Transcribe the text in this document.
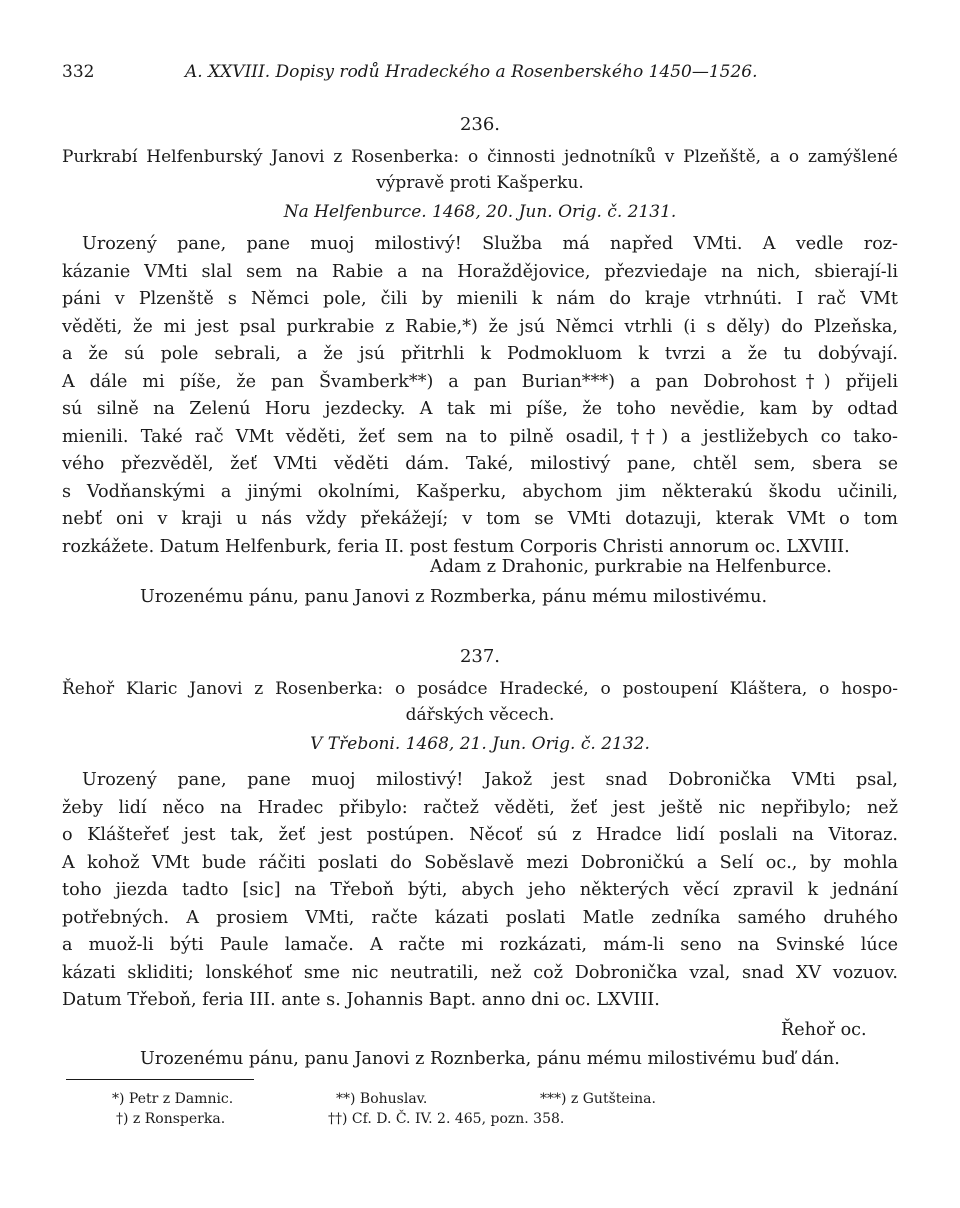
332	A. XXVIII. Dopisy rodů Hradeckého a Rosenberského 1450—1526.
236.
Purkrabí Helfenburský Janovi z Rosenberka: o činnosti jednotníků v Plzeňště, a o zamýšlené
výpravě proti Kašperku.
Na Helfenburce. 1468, 20. Jun. Orig. č. 2131.
Urozený pane, pane muoj milostivý! Služba má napřed VMti. A vedle roz-
kázanie VMti slal sem na Rabie a na Horaždějovice, přezviedaje na nich, sbierají-li
páni v Plzenště s Němci pole, čili by mienili k nám do kraje vtrhnúti. I rač VMt
věděti, že mi jest psal purkrabie z Rabie,*) že jsú Němci vtrhli (i s děly) do Plzeňska,
a že sú pole sebrali, a že jsú přitrhli k Podmokluom k tvrzi a že tu dobývají.
A dále mi píše, že pan Švamberk**) a pan Burian***) a pan Dobrohost†) přijeli
sú silně na Zelenú Horu jezdecky. A tak mi píše, že toho nevědie, kam by odtad
mienili. Také rač VMt věděti, žeť sem na to pilně osadil,††) a jestližebych co tako-
vého přezvěděl, žeť VMti věděti dám. Také, milostivý pane, chtěl sem, sbera se
s Vodňanskými a jinými okolními, Kašperku, abychom jim některakú škodu učinili,
nebť oni v kraji u nás vždy překážejí; v tom se VMti dotazuji, kterak VMt o tom
rozkážete. Datum Helfenburk, feria II. post festum Corporis Christi annorum oc. LXVIII.
Adam z Drahonic, purkrabie na Helfenburce.
Urozenému pánu, panu Janovi z Rozmberka, pánu mému milostivému.
237.
Řehoř Klaric Janovi z Rosenberka: o posádce Hradecké, o postoupení Kláštera, o hospo-
dářských věcech.
V Třeboni. 1468, 21. Jun. Orig. č. 2132.
Urozený pane, pane muoj milostivý! Jakož jest snad Dobronička VMti psal,
žeby lidí něco na Hradec přibylo: račtež věděti, žeť jest ještě nic nepřibylo; než
o Klášteřeť jest tak, žeť jest postúpen. Něcoť sú z Hradce lidí poslali na Vitoraz.
A kohož VMt bude ráčiti poslati do Soběslavě mezi Dobroničkú a Selí oc., by mohla
toho jiezda tadto [sic] na Třeboň býti, abych jeho některých věcí zpravil k jednání
potřebných. A prosiem VMti, račte kázati poslati Matle zedníka samého druhého
a muož-li býti Paule lamače. A račte mi rozkázati, mám-li seno na Svinské lúce
kázati skliditi; lonskéhoť sme nic neutratili, než což Dobronička vzal, snad XV vozuov.
Datum Třeboň, feria III. ante s. Johannis Bapt. anno dni oc. LXVIII.
Řehoř oc.
Urozenému pánu, panu Janovi z Roznberka, pánu mému milostivému buď dán.
*) Petr z Damnic.	**) Bohuslav.	***) z Gutšteina.
†) z Ronsperka.	††) Cf. D. Č. IV. 2. 465, pozn. 358.
